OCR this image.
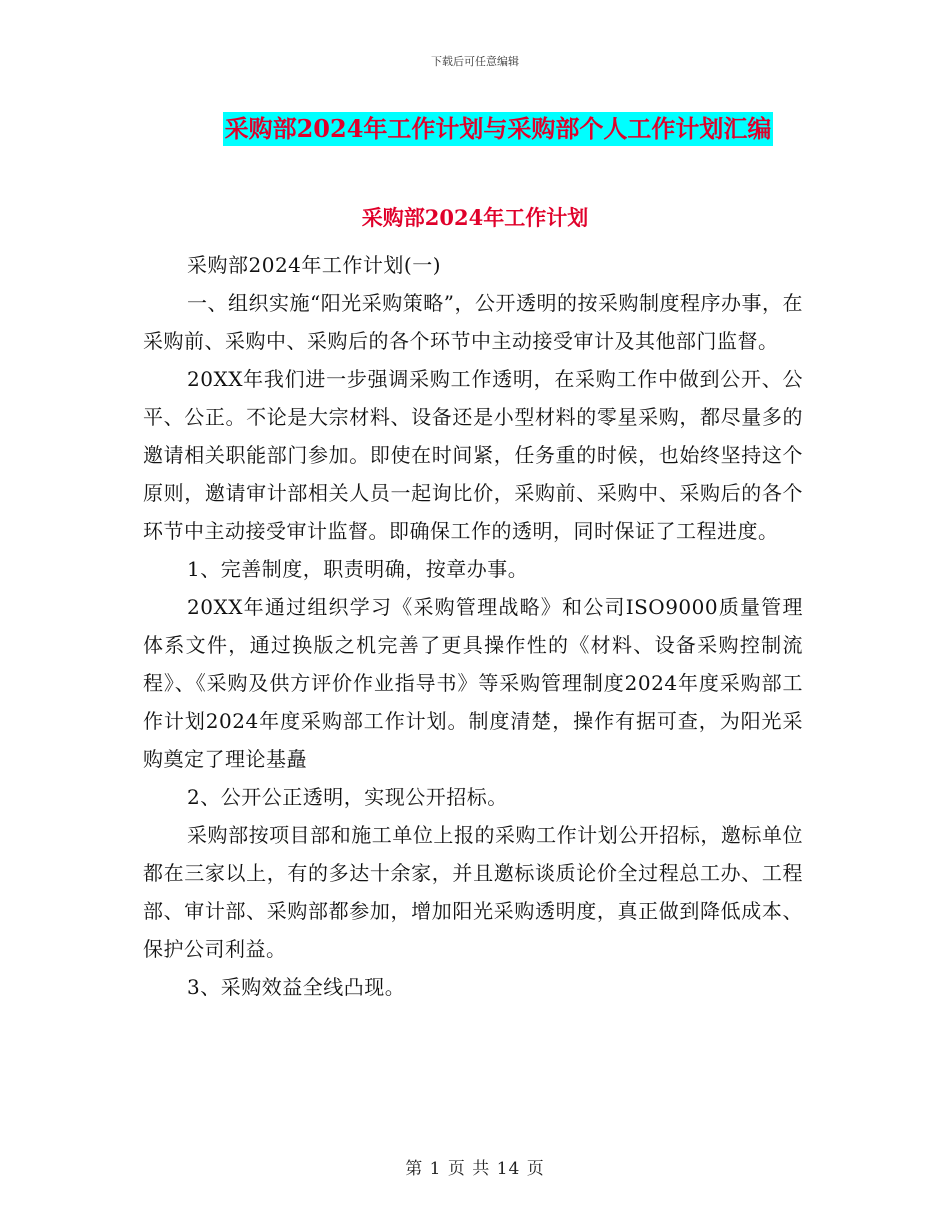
下载后可任意编辑
采购部2024年工作计划与采购部个人工作计划汇编
采购部2024年工作计划

采购部2024年工作计划(一)

一、组织实施“阳光采购策略”，公开透明的按采购制度程序办事，在采购前、采购中、采购后的各个环节中主动接受审计及其他部门监督。

20XX年我们进一步强调采购工作透明，在采购工作中做到公开、公平、公正。不论是大宗材料、设备还是小型材料的零星采购，都尽量多的邀请相关职能部门参加。即使在时间紧，任务重的时候，也始终坚持这个原则，邀请审计部相关人员一起询比价，采购前、采购中、采购后的各个环节中主动接受审计监督。即确保工作的透明，同时保证了工程进度。

1、完善制度，职责明确，按章办事。

20XX年通过组织学习《采购管理战略》和公司ISO9000质量管理体系文件，通过换版之机完善了更具操作性的《材料、设备采购控制流程》、《采购及供方评价作业指导书》等采购管理制度2024年度采购部工作计划2024年度采购部工作计划。制度清楚，操作有据可查，为阳光采购奠定了理论基矗

2、公开公正透明，实现公开招标。

采购部按项目部和施工单位上报的采购工作计划公开招标，邀标单位都在三家以上，有的多达十余家，并且邀标谈质论价全过程总工办、工程部、审计部、采购部都参加，增加阳光采购透明度，真正做到降低成本、保护公司利益。

3、采购效益全线凸现。

第 1 页 共 14 页
